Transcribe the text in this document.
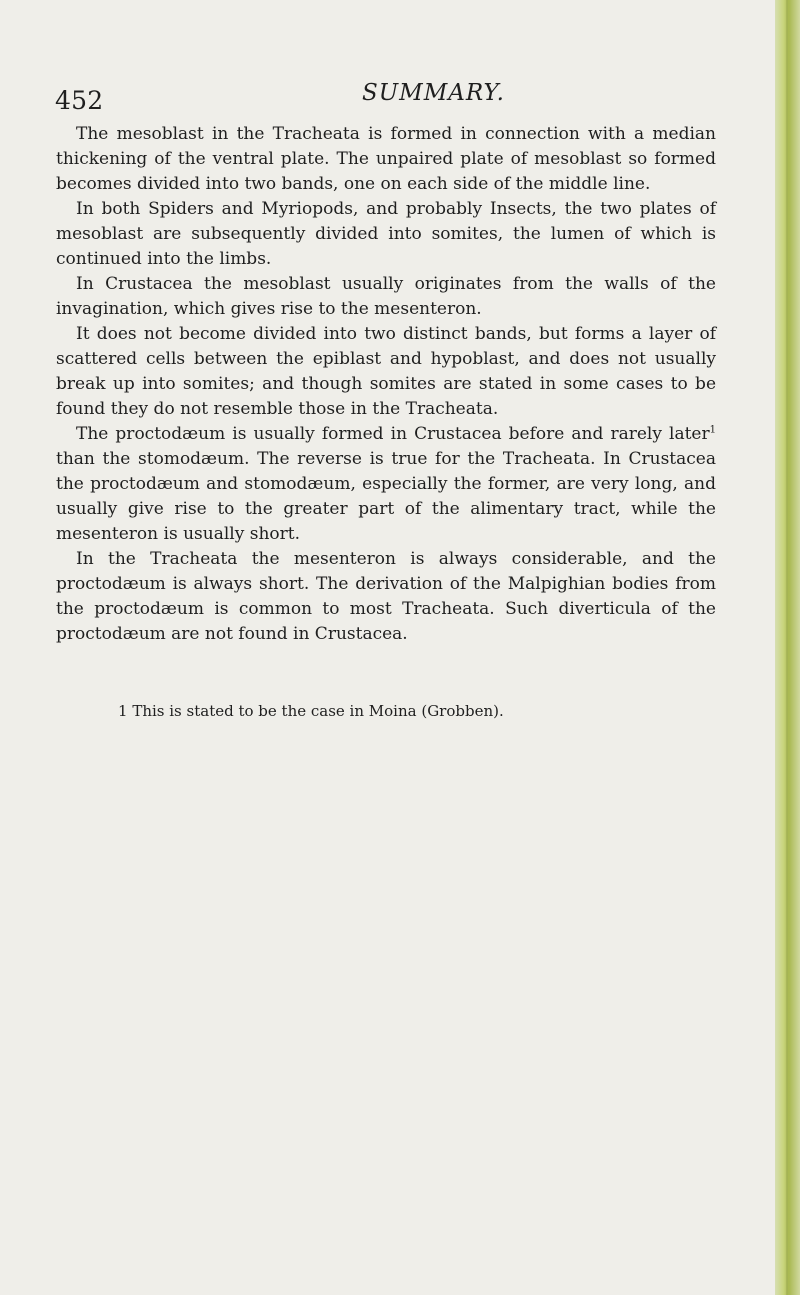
452	SUMMARY.

The mesoblast in the Tracheata is formed in connection with a median thickening of the ventral plate. The unpaired plate of mesoblast so formed becomes divided into two bands, one on each side of the middle line.

In both Spiders and Myriopods, and probably Insects, the two plates of mesoblast are subsequently divided into somites, the lumen of which is continued into the limbs.

In Crustacea the mesoblast usually originates from the walls of the invagination, which gives rise to the mesenteron.

It does not become divided into two distinct bands, but forms a layer of scattered cells between the epiblast and hypoblast, and does not usually break up into somites; and though somites are stated in some cases to be found they do not resemble those in the Tracheata.

The proctodæum is usually formed in Crustacea before and rarely later$^1$ than the stomodæum. The reverse is true for the Tracheata. In Crustacea the proctodæum and stomodæum, especially the former, are very long, and usually give rise to the greater part of the alimentary tract, while the mesenteron is usually short.

In the Tracheata the mesenteron is always considerable, and the proctodæum is always short. The derivation of the Malpighian bodies from the proctodæum is common to most Tracheata. Such diverticula of the proctodæum are not found in Crustacea.

1 This is stated to be the case in Moina (Grobben).
